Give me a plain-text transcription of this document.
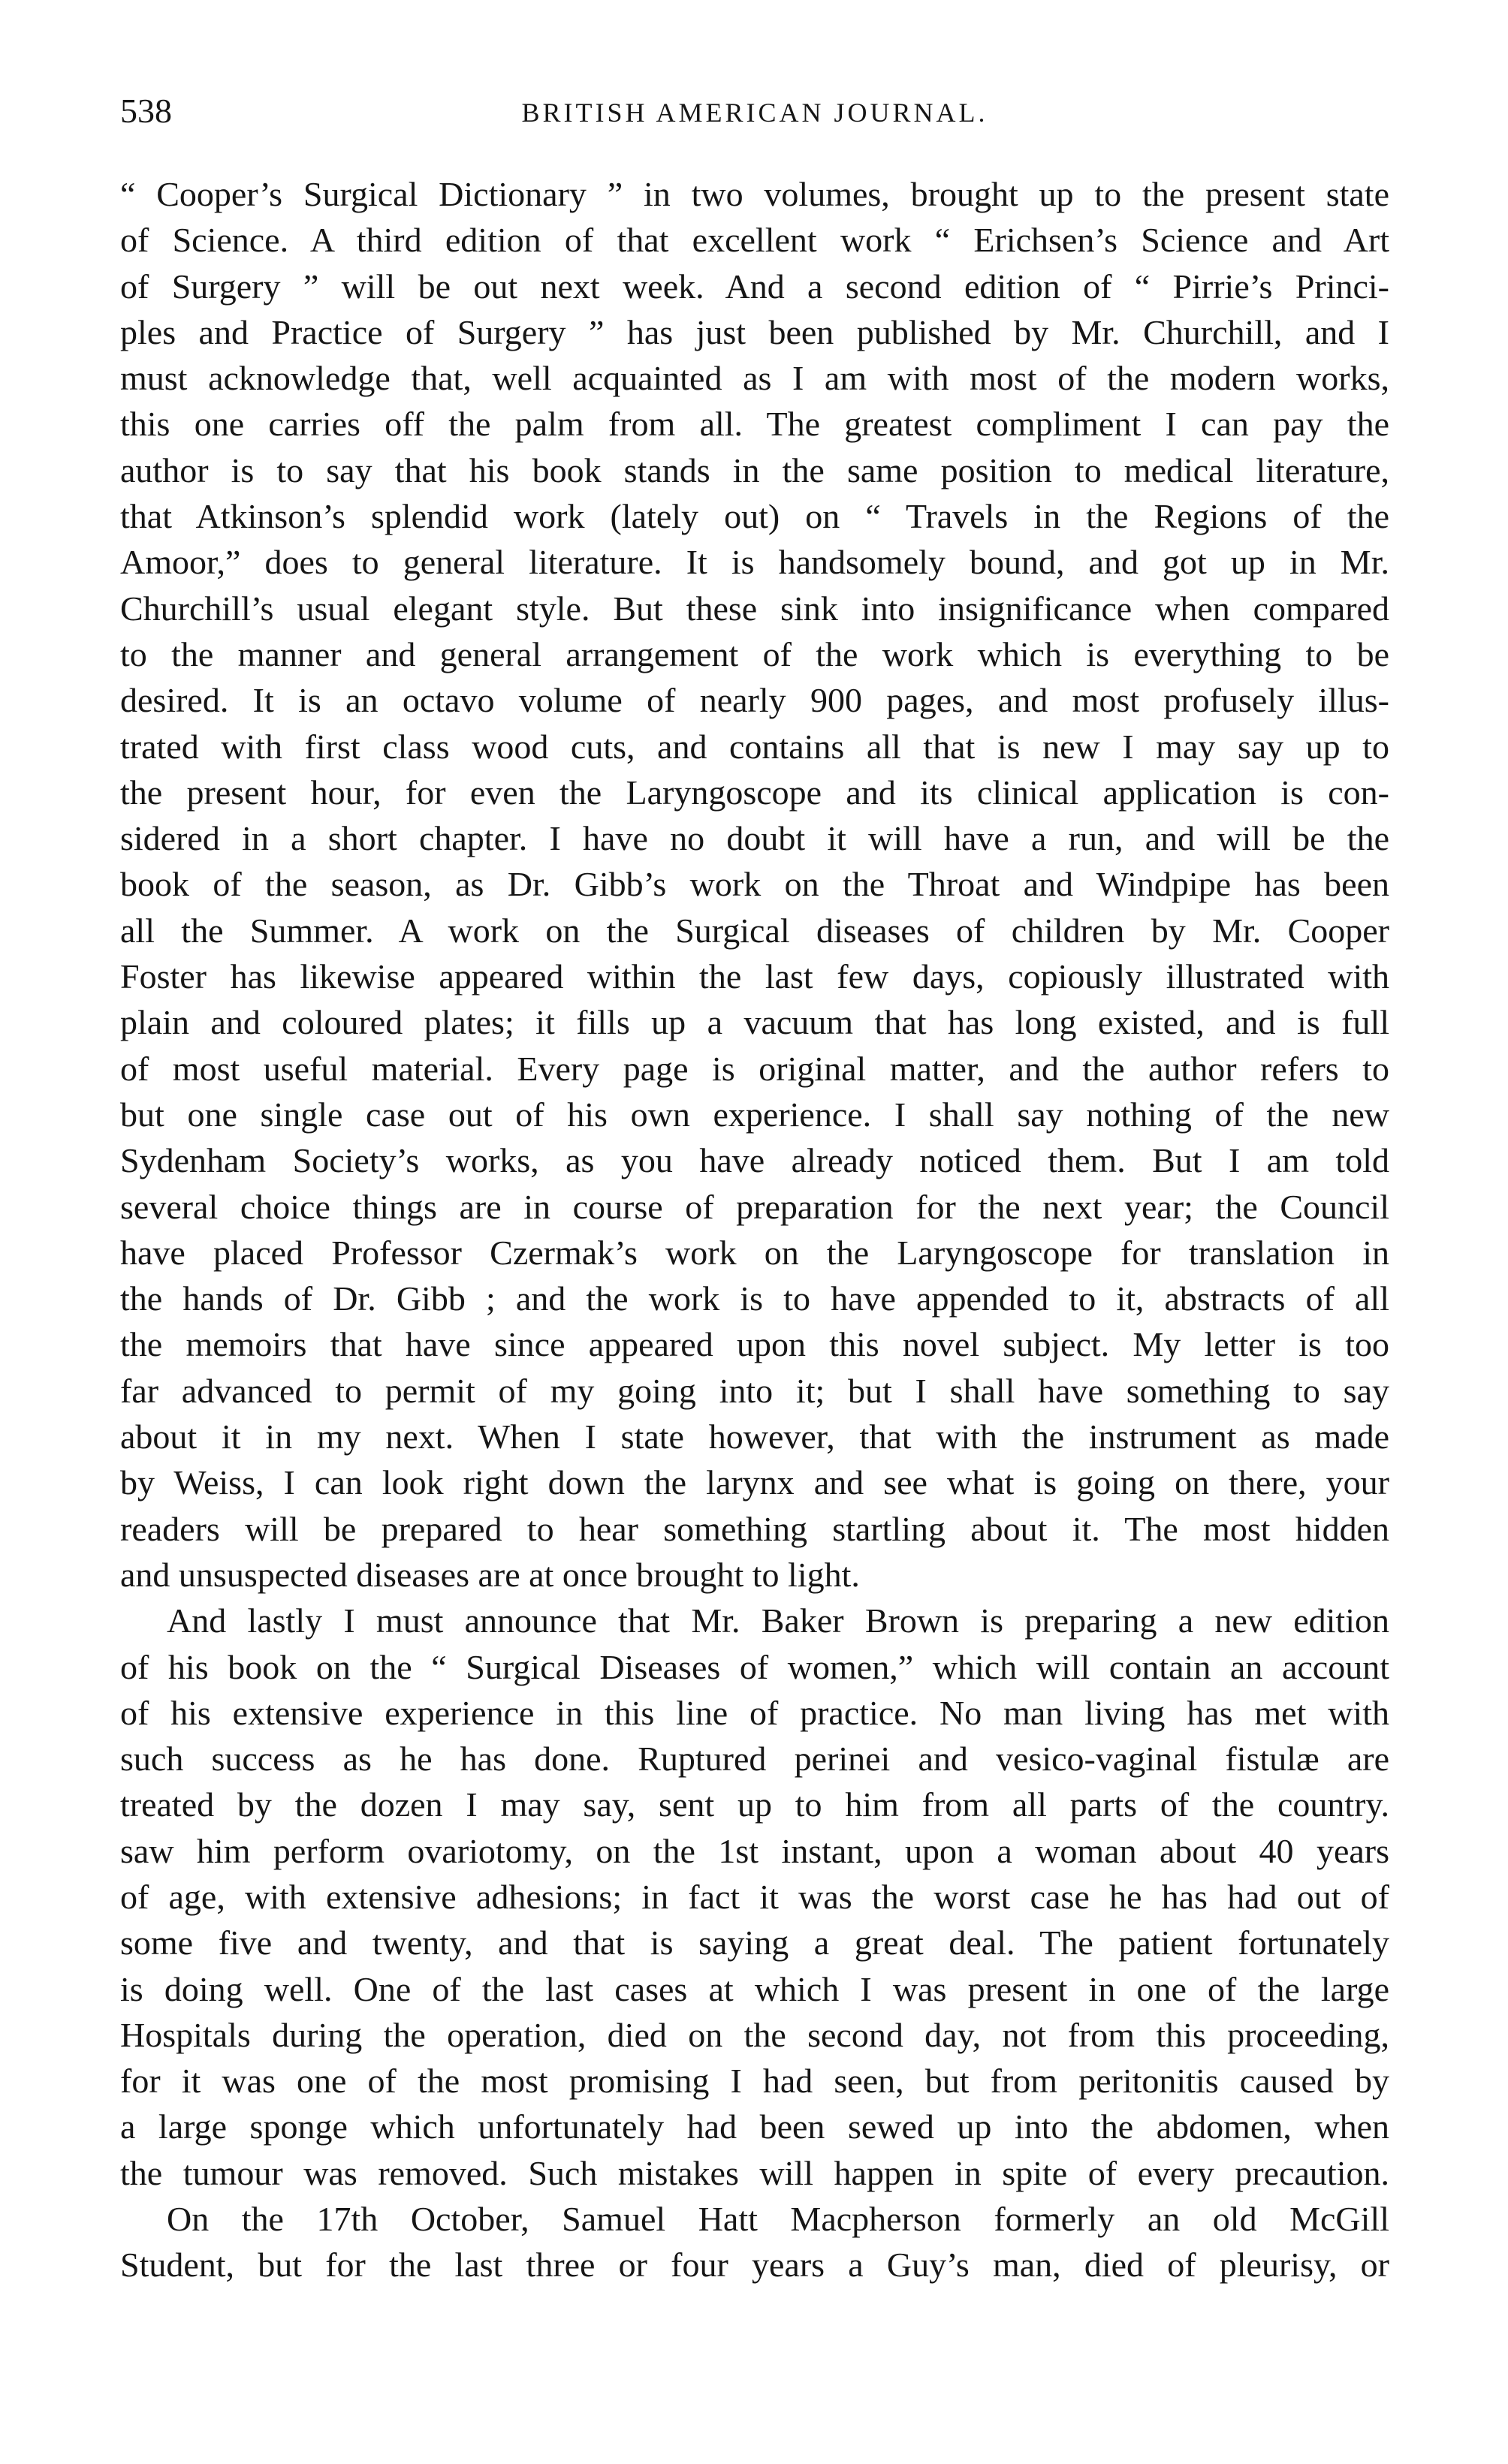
538	BRITISH AMERICAN JOURNAL.
“ Cooper’s Surgical Dictionary ” in two volumes, brought up to the present state
of Science. A third edition of that excellent work “ Erichsen’s Science and Art
of Surgery ” will be out next week. And a second edition of “ Pirrie’s Princi-
ples and Practice of Surgery ” has just been published by Mr. Churchill, and I
must acknowledge that, well acquainted as I am with most of the modern works,
this one carries off the palm from all. The greatest compliment I can pay the
author is to say that his book stands in the same position to medical literature,
that Atkinson’s splendid work (lately out) on “ Travels in the Regions of the
Amoor,” does to general literature. It is handsomely bound, and got up in Mr.
Churchill’s usual elegant style. But these sink into insignificance when compared
to the manner and general arrangement of the work which is everything to be
desired. It is an octavo volume of nearly 900 pages, and most profusely illus-
trated with first class wood cuts, and contains all that is new I may say up to
the present hour, for even the Laryngoscope and its clinical application is con-
sidered in a short chapter. I have no doubt it will have a run, and will be the
book of the season, as Dr. Gibb’s work on the Throat and Windpipe has been
all the Summer. A work on the Surgical diseases of children by Mr. Cooper
Foster has likewise appeared within the last few days, copiously illustrated with
plain and coloured plates; it fills up a vacuum that has long existed, and is full
of most useful material. Every page is original matter, and the author refers to
but one single case out of his own experience. I shall say nothing of the new
Sydenham Society’s works, as you have already noticed them. But I am told
several choice things are in course of preparation for the next year; the Council
have placed Professor Czermak’s work on the Laryngoscope for translation in
the hands of Dr. Gibb ; and the work is to have appended to it, abstracts of all
the memoirs that have since appeared upon this novel subject. My letter is too
far advanced to permit of my going into it; but I shall have something to say
about it in my next. When I state however, that with the instrument as made
by Weiss, I can look right down the larynx and see what is going on there, your
readers will be prepared to hear something startling about it. The most hidden
and unsuspected diseases are at once brought to light.
And lastly I must announce that Mr. Baker Brown is preparing a new edition
of his book on the “ Surgical Diseases of women,” which will contain an account
of his extensive experience in this line of practice. No man living has met with
such success as he has done. Ruptured perinei and vesico-vaginal fistulæ are
treated by the dozen I may say, sent up to him from all parts of the country.
saw him perform ovariotomy, on the 1st instant, upon a woman about 40 years
of age, with extensive adhesions; in fact it was the worst case he has had out of
some five and twenty, and that is saying a great deal. The patient fortunately
is doing well. One of the last cases at which I was present in one of the large
Hospitals during the operation, died on the second day, not from this proceeding,
for it was one of the most promising I had seen, but from peritonitis caused by
a large sponge which unfortunately had been sewed up into the abdomen, when
the tumour was removed. Such mistakes will happen in spite of every precaution.
On the 17th October, Samuel Hatt Macpherson formerly an old McGill
Student, but for the last three or four years a Guy’s man, died of pleurisy, or
